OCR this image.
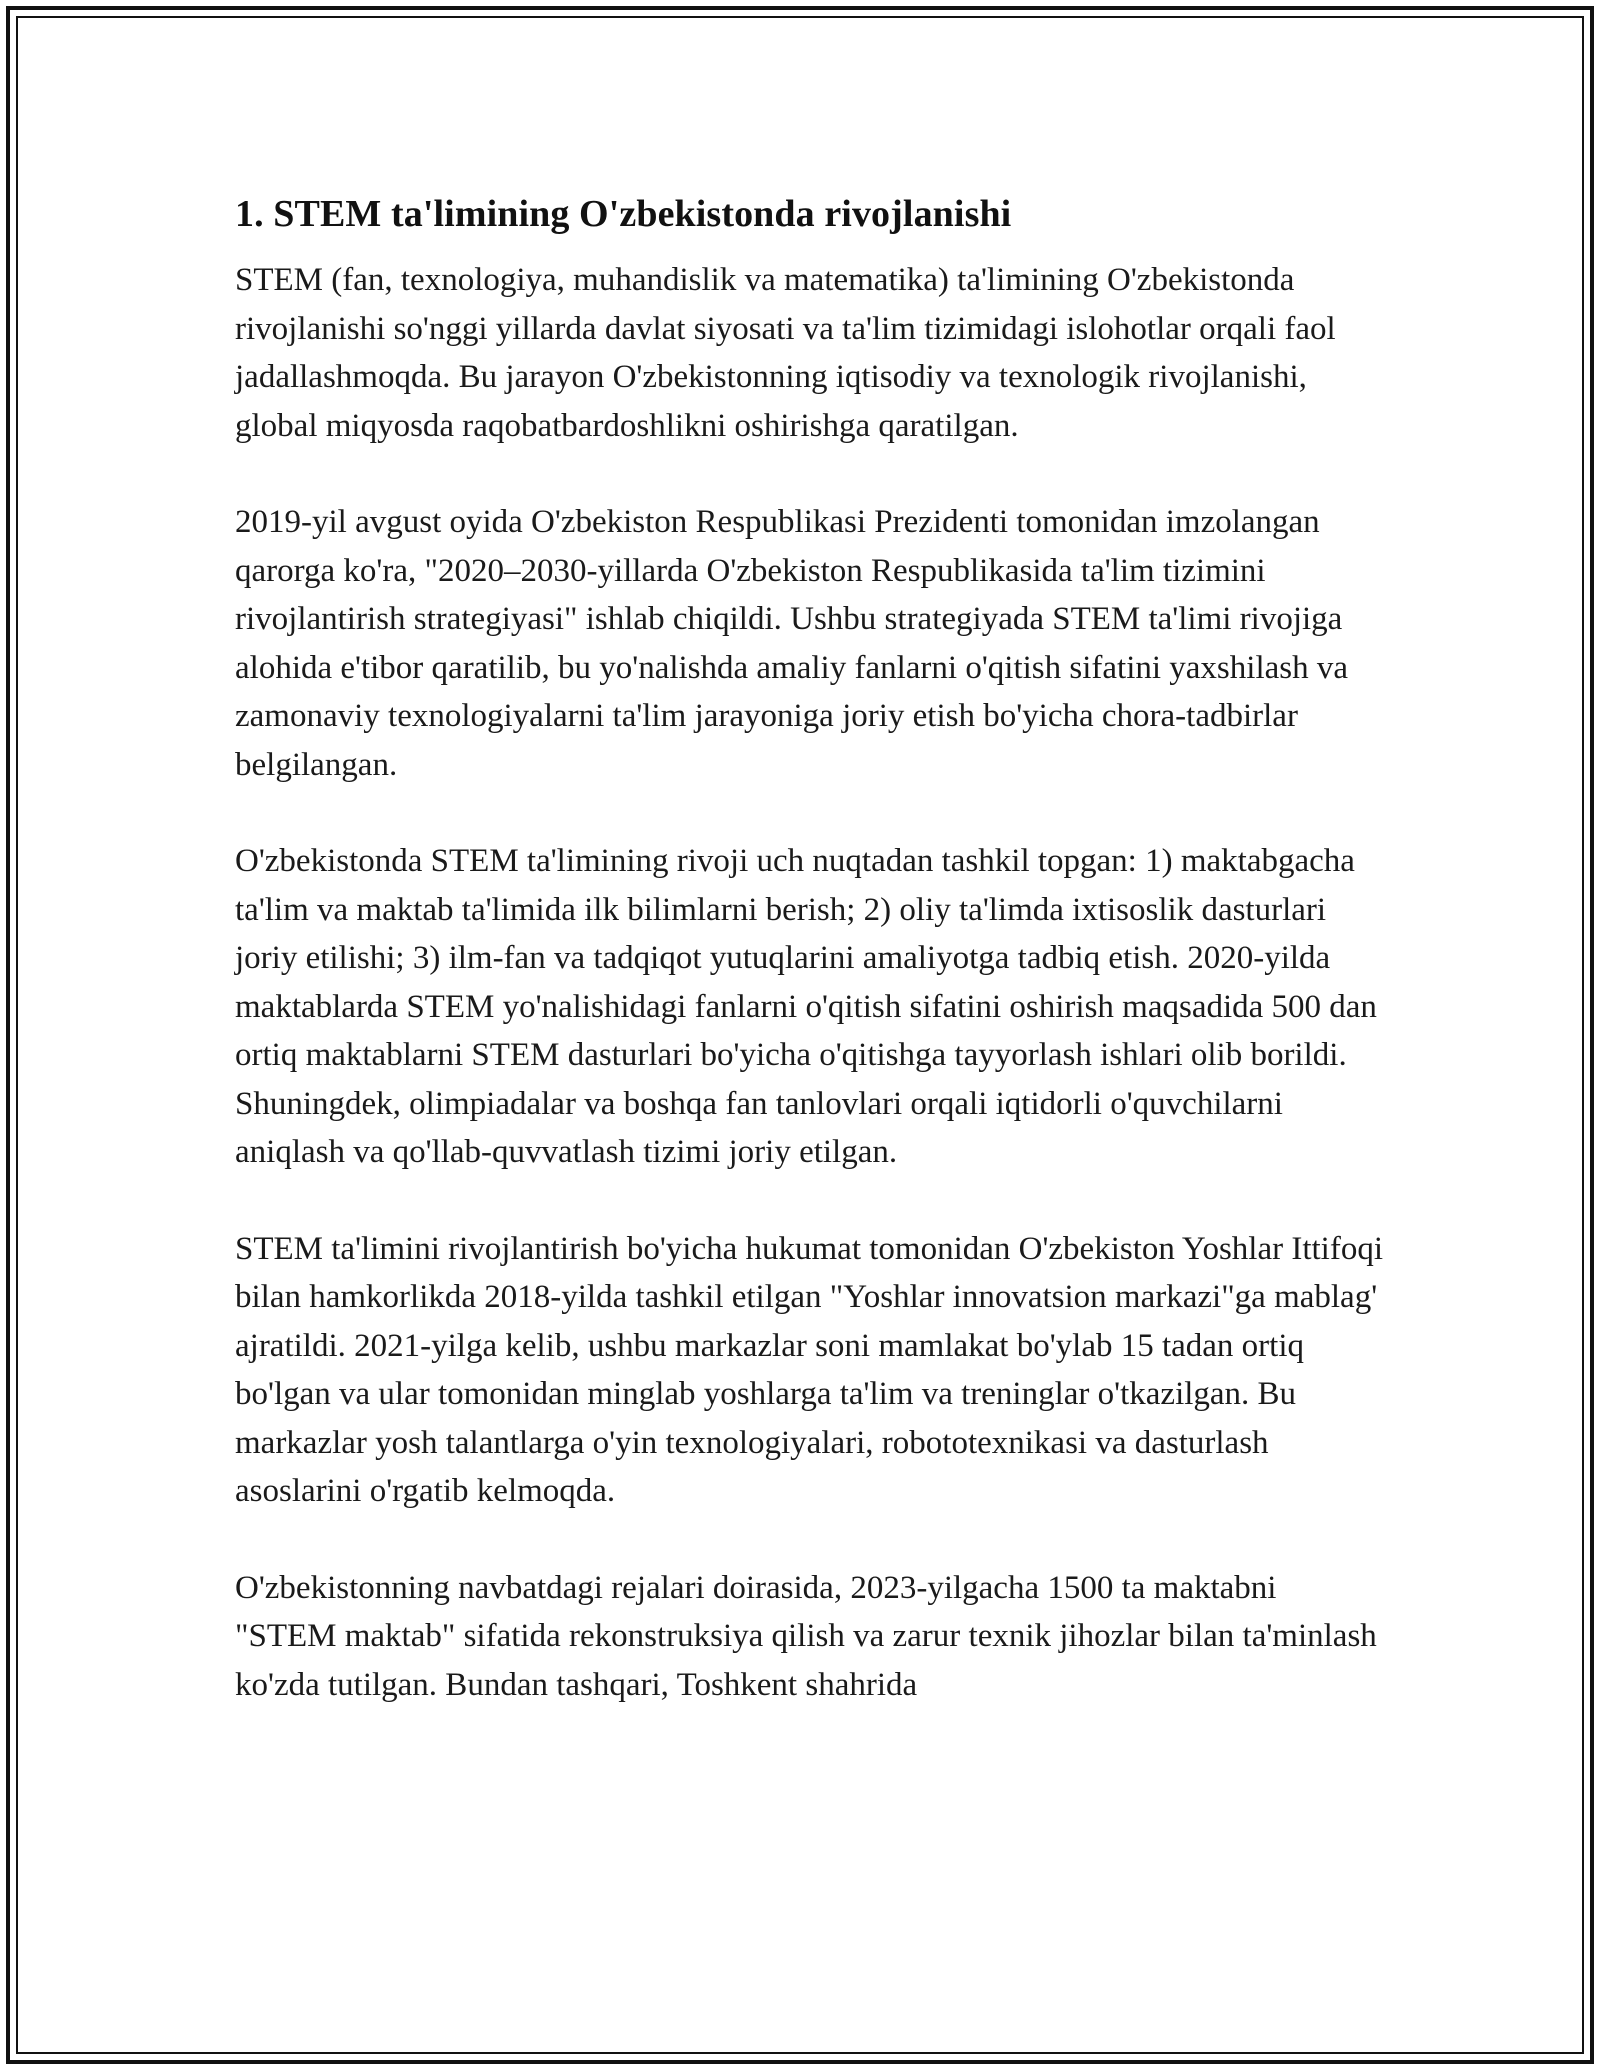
1. STEM ta'limining O'zbekistonda rivojlanishi

STEM (fan, texnologiya, muhandislik va matematika) ta'limining O'zbekistonda rivojlanishi so'nggi yillarda davlat siyosati va ta'lim tizimidagi islohotlar orqali faol jadallashmoqda. Bu jarayon O'zbekistonning iqtisodiy va texnologik rivojlanishi, global miqyosda raqobatbardoshlikni oshirishga qaratilgan.

2019-yil avgust oyida O'zbekiston Respublikasi Prezidenti tomonidan imzolangan qarorga ko'ra, "2020–2030-yillarda O'zbekiston Respublikasida ta'lim tizimini rivojlantirish strategiyasi" ishlab chiqildi. Ushbu strategiyada STEM ta'limi rivojiga alohida e'tibor qaratilib, bu yo'nalishda amaliy fanlarni o'qitish sifatini yaxshilash va zamonaviy texnologiyalarni ta'lim jarayoniga joriy etish bo'yicha chora-tadbirlar belgilangan.

O'zbekistonda STEM ta'limining rivoji uch nuqtadan tashkil topgan: 1) maktabgacha ta'lim va maktab ta'limida ilk bilimlarni berish; 2) oliy ta'limda ixtisoslik dasturlari joriy etilishi; 3) ilm-fan va tadqiqot yutuqlarini amaliyotga tadbiq etish. 2020-yilda maktablarda STEM yo'nalishidagi fanlarni o'qitish sifatini oshirish maqsadida 500 dan ortiq maktablarni STEM dasturlari bo'yicha o'qitishga tayyorlash ishlari olib borildi. Shuningdek, olimpiadalar va boshqa fan tanlovlari orqali iqtidorli o'quvchilarni aniqlash va qo'llab-quvvatlash tizimi joriy etilgan.

STEM ta'limini rivojlantirish bo'yicha hukumat tomonidan O'zbekiston Yoshlar Ittifoqi bilan hamkorlikda 2018-yilda tashkil etilgan "Yoshlar innovatsion markazi"ga mablag' ajratildi. 2021-yilga kelib, ushbu markazlar soni mamlakat bo'ylab 15 tadan ortiq bo'lgan va ular tomonidan minglab yoshlarga ta'lim va treninglar o'tkazilgan. Bu markazlar yosh talantlarga o'yin texnologiyalari, robototexnikasi va dasturlash asoslarini o'rgatib kelmoqda.

O'zbekistonning navbatdagi rejalari doirasida, 2023-yilgacha 1500 ta maktabni "STEM maktab" sifatida rekonstruksiya qilish va zarur texnik jihozlar bilan ta'minlash ko'zda tutilgan. Bundan tashqari, Toshkent shahrida
